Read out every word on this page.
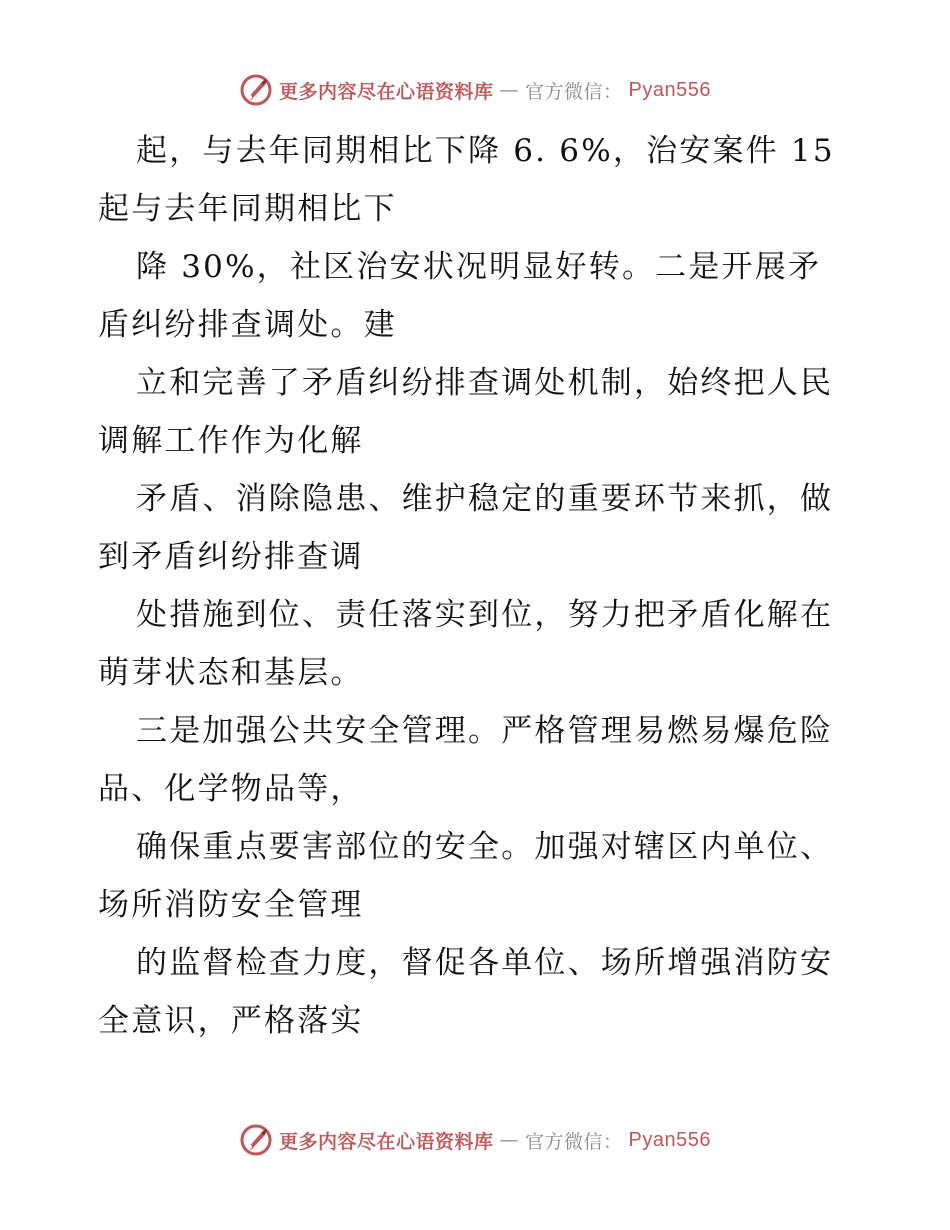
更多内容尽在心语资料库 — 官方微信： Pyan556
起，与去年同期相比下降 6. 6%，治安案件 15
起与去年同期相比下
降 30%，社区治安状况明显好转。二是开展矛
盾纠纷排查调处。建
立和完善了矛盾纠纷排查调处机制，始终把人民
调解工作作为化解
矛盾、消除隐患、维护稳定的重要环节来抓，做
到矛盾纠纷排查调
处措施到位、责任落实到位，努力把矛盾化解在
萌芽状态和基层。
三是加强公共安全管理。严格管理易燃易爆危险
品、化学物品等，
确保重点要害部位的安全。加强对辖区内单位、
场所消防安全管理
的监督检查力度，督促各单位、场所增强消防安
全意识，严格落实
更多内容尽在心语资料库 — 官方微信： Pyan556
